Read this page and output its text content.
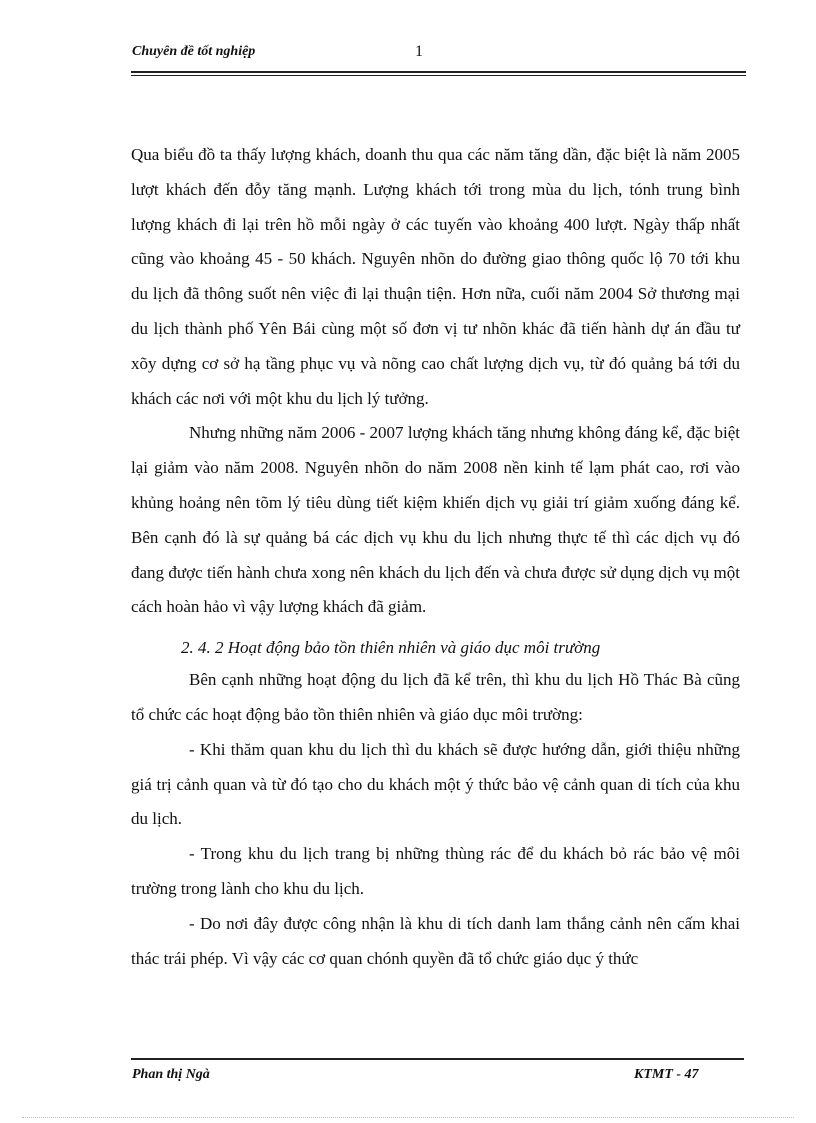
Chuyên đề tốt nghiệp	1

Qua biểu đồ ta thấy lượng khách, doanh thu qua các năm tăng dần, đặc biệt là năm 2005 lượt khách đến đỗy tăng mạnh. Lượng khách tới trong mùa du lịch, tónh trung bình lượng khách đi lại trên hồ mỗi ngày ở các tuyến vào khoảng 400 lượt. Ngày thấp nhất cũng vào khoảng 45 - 50 khách. Nguyên nhõn do đường giao thông quốc lộ 70 tới khu du lịch đã thông suốt nên việc đi lại thuận tiện. Hơn nữa, cuối năm 2004 Sở thương mại du lịch thành phố Yên Bái cùng một số đơn vị tư nhõn khác đã tiến hành dự án đầu tư xõy dựng cơ sở hạ tầng phục vụ và nõng cao chất lượng dịch vụ, từ đó quảng bá tới du khách các nơi với một khu du lịch lý tưởng.

Nhưng những năm 2006 - 2007 lượng khách tăng nhưng không đáng kể, đặc biệt lại giảm vào năm 2008. Nguyên nhõn do năm 2008 nền kinh tế lạm phát cao, rơi vào khủng hoảng nên tõm lý tiêu dùng tiết kiệm khiến dịch vụ giải trí giảm xuống đáng kể. Bên cạnh đó là sự quảng bá các dịch vụ khu du lịch nhưng thực tế thì các dịch vụ đó đang được tiến hành chưa xong nên khách du lịch đến và chưa được sử dụng dịch vụ một cách hoàn hảo vì vậy lượng khách đã giảm.

2. 4. 2 Hoạt động bảo tồn thiên nhiên và giáo dục môi trường

Bên cạnh những hoạt động du lịch đã kể trên, thì khu du lịch Hồ Thác Bà cũng tổ chức các hoạt động bảo tồn thiên nhiên và giáo dục môi trường:

- Khi thăm quan khu du lịch thì du khách sẽ được hướng dẫn, giới thiệu những giá trị cảnh quan và từ đó tạo cho du khách một ý thức bảo vệ cảnh quan di tích của khu du lịch.

- Trong khu du lịch trang bị những thùng rác để du khách bỏ rác bảo vệ môi trường trong lành cho khu du lịch.

- Do nơi đây được công nhận là khu di tích danh lam thắng cảnh nên cấm khai thác trái phép. Vì vậy các cơ quan chónh quyền đã tổ chức giáo dục ý thức

Phan thị Ngà	KTMT - 47
